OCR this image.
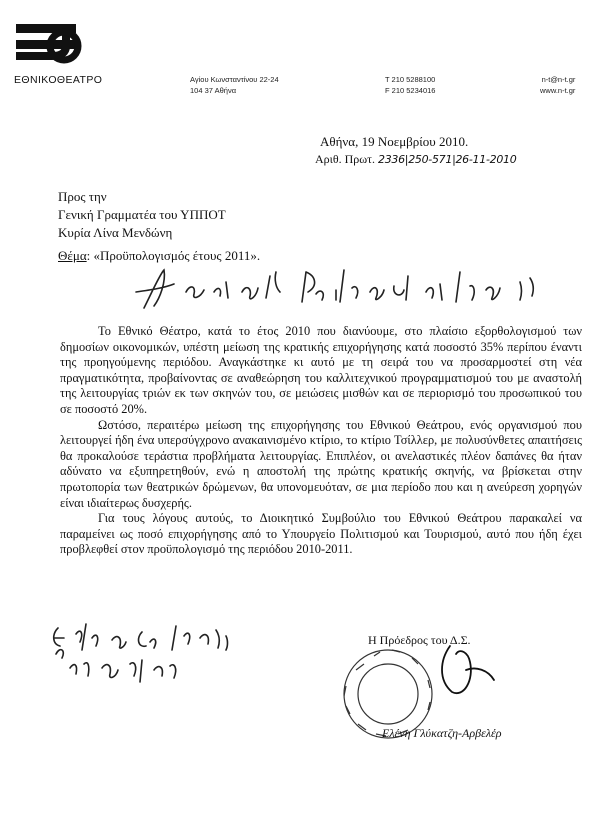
ΕΘΝΙΚΟΘΕΑΤΡΟ	Αγίου Κωνσταντίνου 22-24
104 37 Αθήνα
T 210 5288100
F 210 5234016
n-t@n-t.gr
www.n-t.gr
Αθήνα, 19 Νοεμβρίου 2010.
Αριθ. Πρωτ. 2336|250-571|26-11-2010
Προς την
Γενική Γραμματέα του ΥΠΠΟΤ
Κυρία Λίνα Μενδώνη
Θέμα: «Προϋπολογισμός έτους 2011».

Το Εθνικό Θέατρο, κατά το έτος 2010 που διανύουμε, στο πλαίσιο εξορθολογισμού των δημοσίων οικονομικών, υπέστη μείωση της κρατικής επιχορήγησης κατά ποσοστό 35% περίπου έναντι της προηγούμενης περιόδου. Αναγκάστηκε κι αυτό με τη σειρά του να προσαρμοστεί στη νέα πραγματικότητα, προβαίνοντας σε αναθεώρηση του καλλιτεχνικού προγραμματισμού του με αναστολή της λειτουργίας τριών εκ των σκηνών του, σε μειώσεις μισθών και σε περιορισμό του προσωπικού του σε ποσοστό 20%.

Ωστόσο, περαιτέρω μείωση της επιχορήγησης του Εθνικού Θεάτρου, ενός οργανισμού που λειτουργεί ήδη ένα υπερσύγχρονο ανακαινισμένο κτίριο, το κτίριο Τσίλλερ, με πολυσύνθετες απαιτήσεις θα προκαλούσε τεράστια προβλήματα λειτουργίας. Επιπλέον, οι ανελαστικές πλέον δαπάνες θα ήταν αδύνατο να εξυπηρετηθούν, ενώ η αποστολή της πρώτης κρατικής σκηνής, να βρίσκεται στην πρωτοπορία των θεατρικών δρώμενων, θα υπονομευόταν, σε μια περίοδο που και η ανεύρεση χορηγών είναι ιδιαίτερως δυσχερής.

Για τους λόγους αυτούς, το Διοικητικό Συμβούλιο του Εθνικού Θεάτρου παρακαλεί να παραμείνει ως ποσό επιχορήγησης από το Υπουργείο Πολιτισμού και Τουρισμού, αυτό που ήδη έχει προβλεφθεί στον προϋπολογισμό της περιόδου 2010-2011.

Η Πρόεδρος του Δ.Σ.
Ελένη Γλύκατζη-Αρβελέρ
